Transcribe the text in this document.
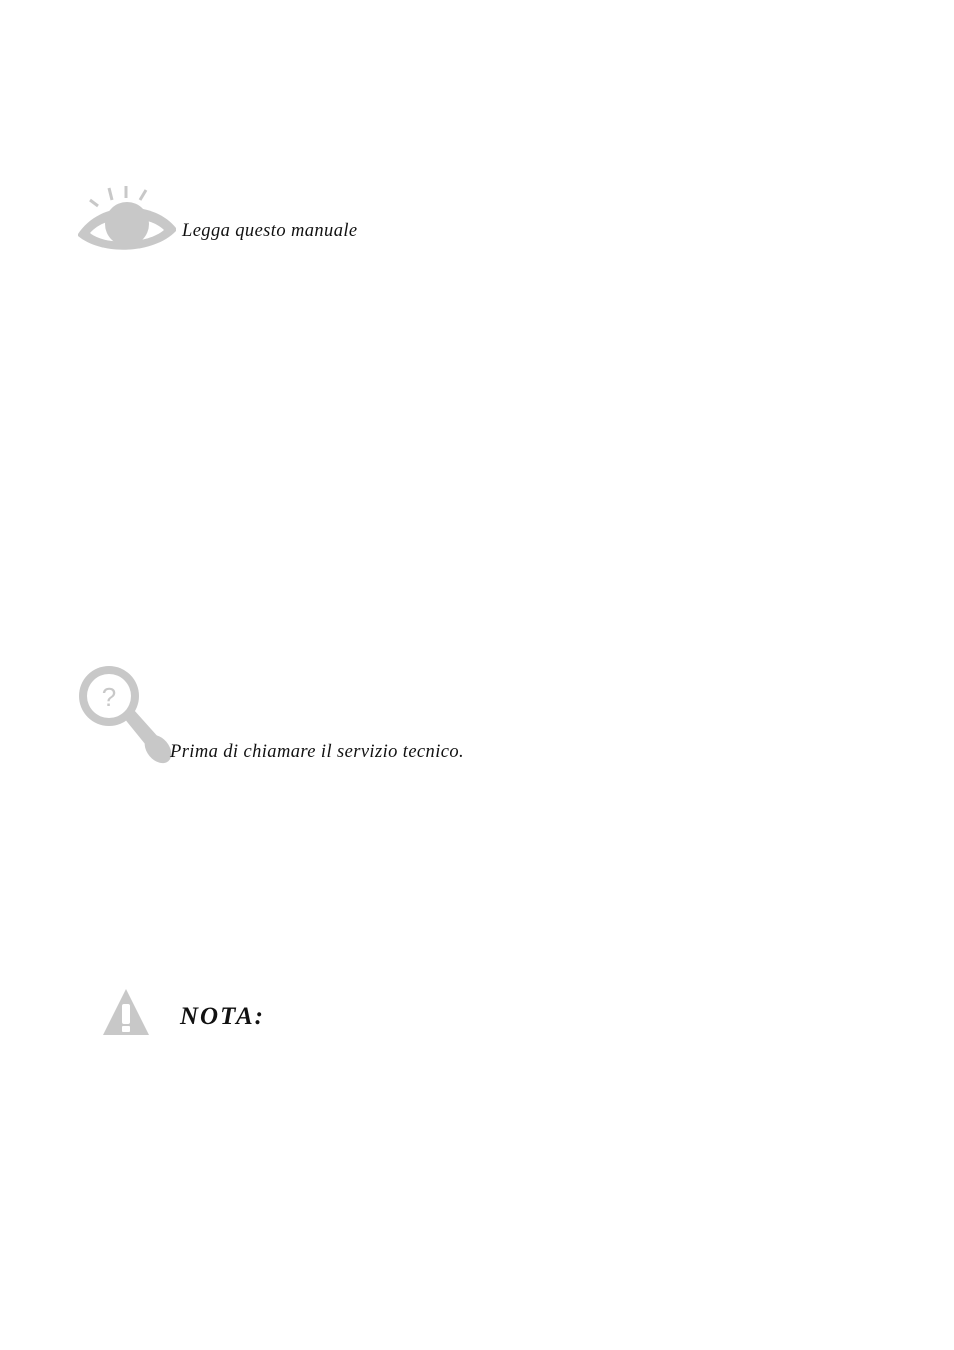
Legga questo manuale
?
Prima di chiamare il servizio tecnico.
NOTA:
